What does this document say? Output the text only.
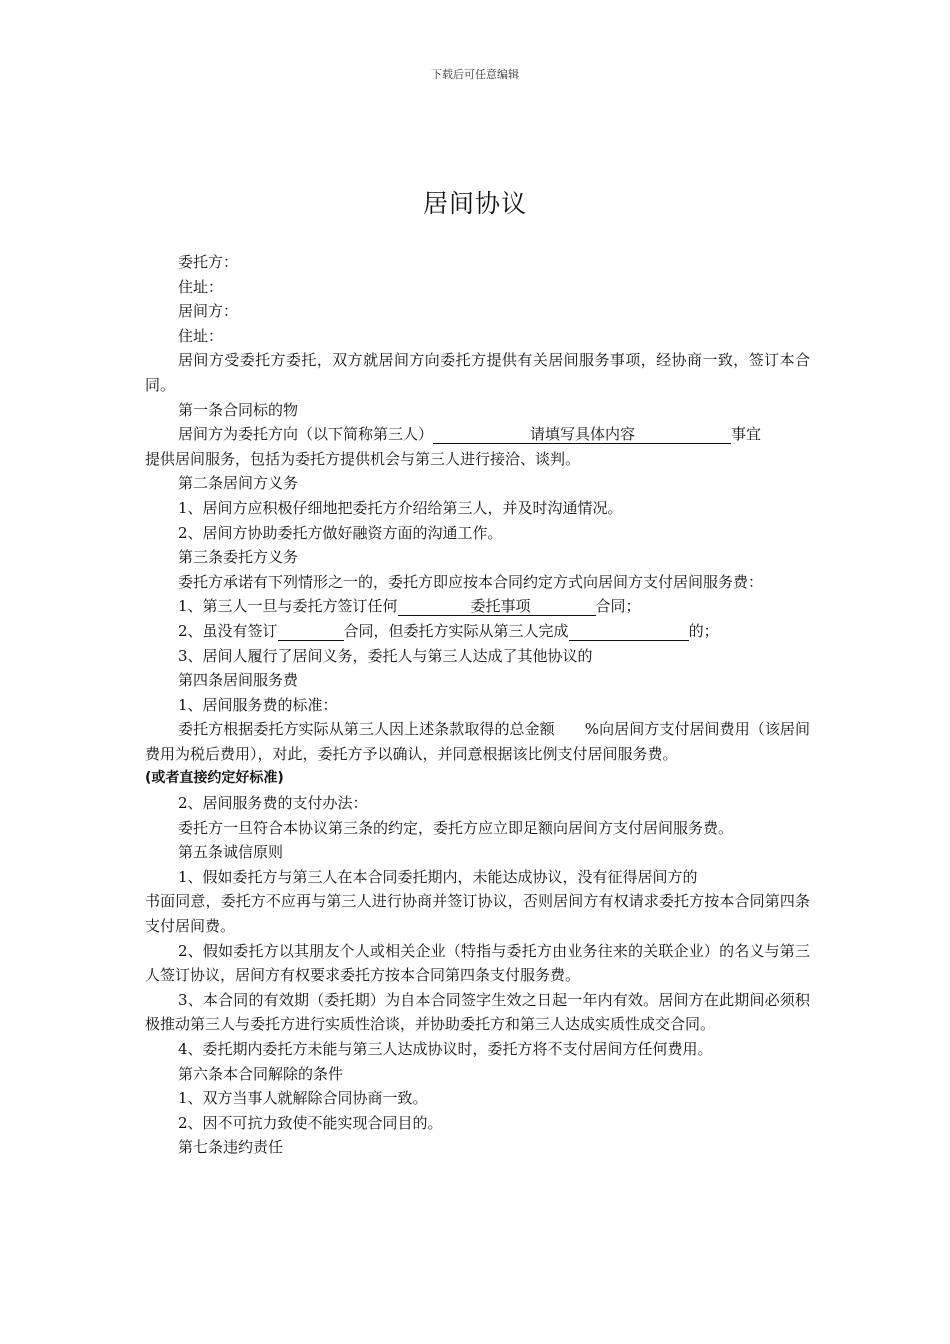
下载后可任意编辑
居间协议

委托方：

住址：

居间方：

住址：

居间方受委托方委托，双方就居间方向委托方提供有关居间服务事项，经协商一致，签订本合同。

第一条合同标的物

居间方为委托方向（以下简称第三人）	请填写具体内容	事宜

提供居间服务，包括为委托方提供机会与第三人进行接洽、谈判。

第二条居间方义务

1、居间方应积极仔细地把委托方介绍给第三人，并及时沟通情况。

2、居间方协助委托方做好融资方面的沟通工作。

第三条委托方义务

委托方承诺有下列情形之一的，委托方即应按本合同约定方式向居间方支付居间服务费：

1、第三人一旦与委托方签订任何	委托事项	合同；

2、虽没有签订	合同，但委托方实际从第三人完成	的；

3、居间人履行了居间义务，委托人与第三人达成了其他协议的

第四条居间服务费

1、居间服务费的标准：

委托方根据委托方实际从第三人因上述条款取得的总金额 %向居间方支付居间费用（该居间费用为税后费用），对此，委托方予以确认，并同意根据该比例支付居间服务费。

(或者直接约定好标准)

2、居间服务费的支付办法：

委托方一旦符合本协议第三条的约定，委托方应立即足额向居间方支付居间服务费。

第五条诚信原则

1、假如委托方与第三人在本合同委托期内，未能达成协议，没有征得居间方的

书面同意，委托方不应再与第三人进行协商并签订协议，否则居间方有权请求委托方按本合同第四条支付居间费。

2、假如委托方以其朋友个人或相关企业（特指与委托方由业务往来的关联企业）的名义与第三人签订协议，居间方有权要求委托方按本合同第四条支付服务费。

3、本合同的有效期（委托期）为自本合同签字生效之日起一年内有效。居间方在此期间必须积极推动第三人与委托方进行实质性洽谈，并协助委托方和第三人达成实质性成交合同。

4、委托期内委托方未能与第三人达成协议时，委托方将不支付居间方任何费用。

第六条本合同解除的条件

1、双方当事人就解除合同协商一致。

2、因不可抗力致使不能实现合同目的。

第七条违约责任
